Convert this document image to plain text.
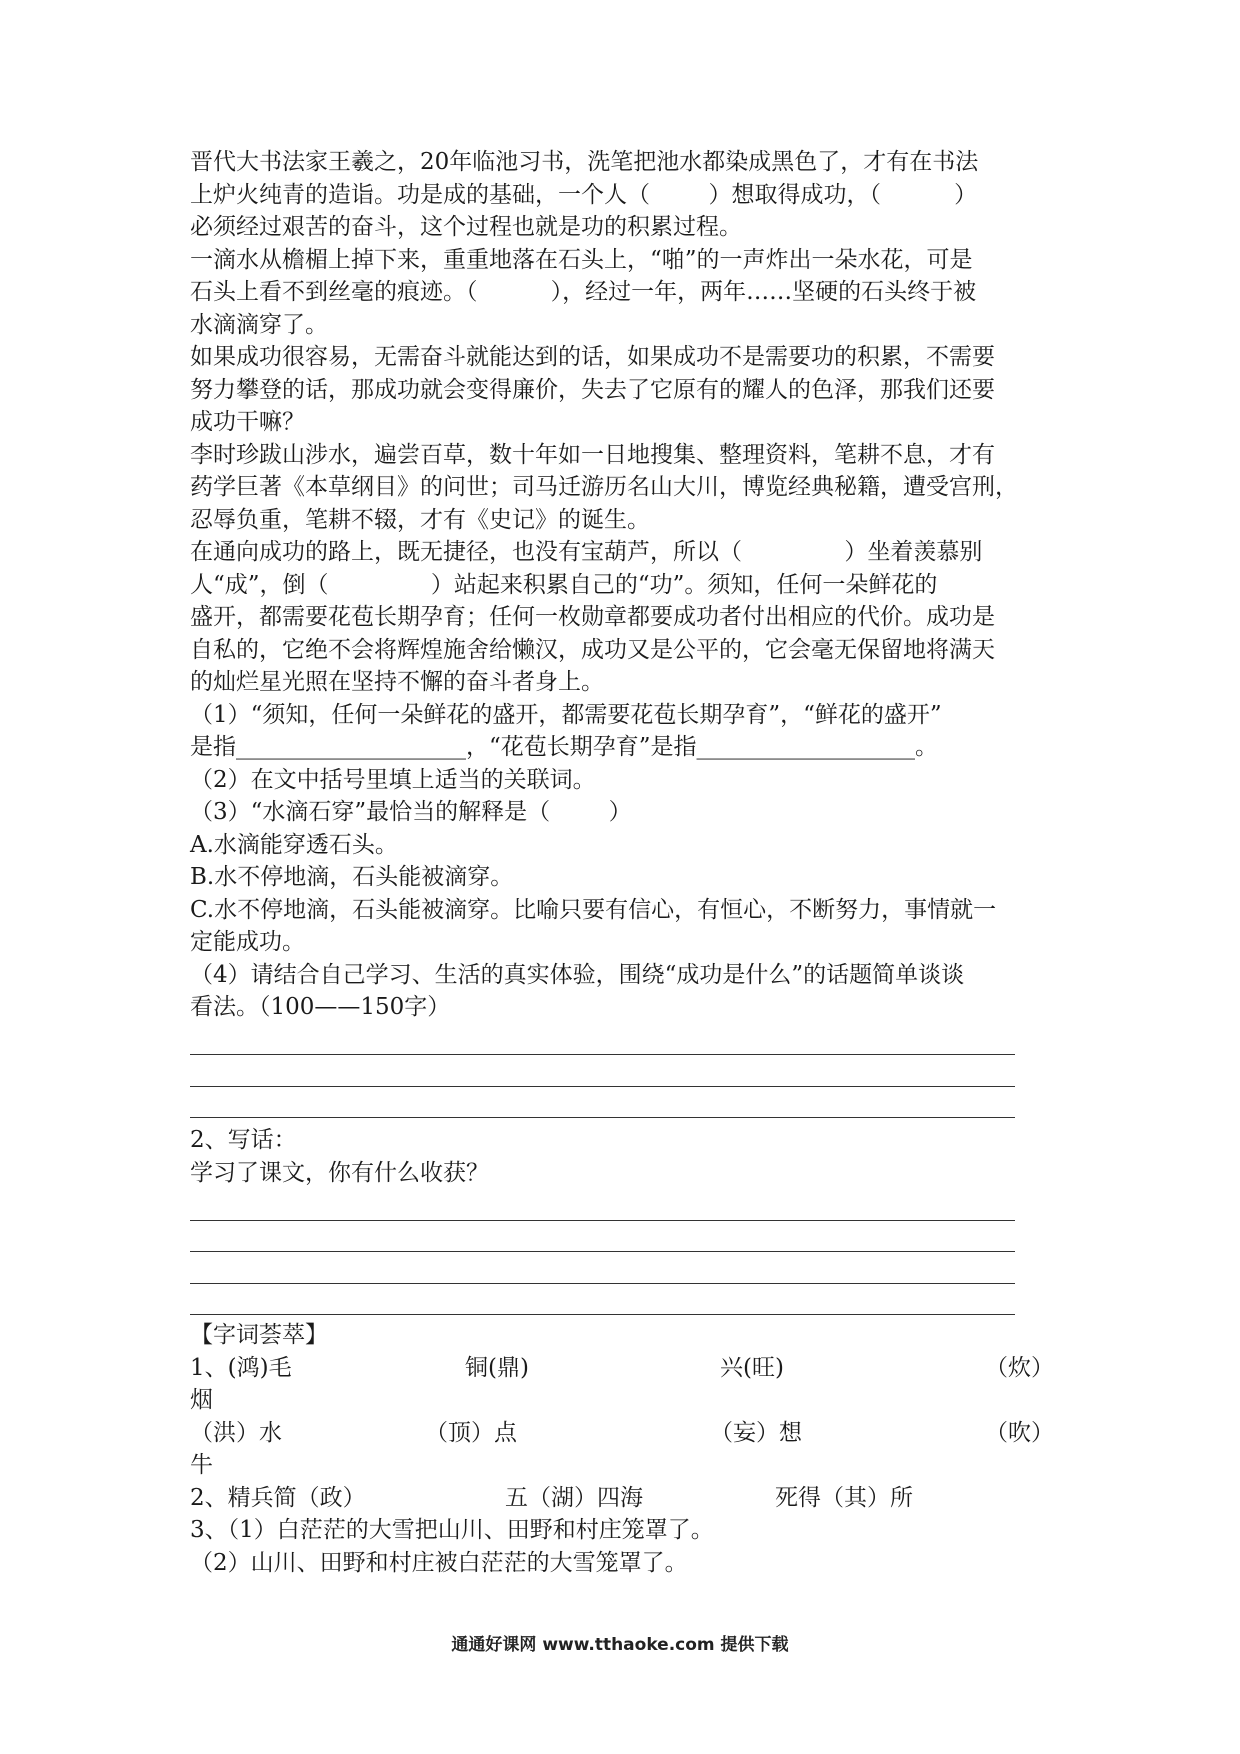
晋代大书法家王羲之，20年临池习书，洗笔把池水都染成黑色了，才有在书法
上炉火纯青的造诣。功是成的基础，一个人（        ）想取得成功，（          ）
必须经过艰苦的奋斗，这个过程也就是功的积累过程。
一滴水从檐楣上掉下来，重重地落在石头上，“啪”的一声炸出一朵水花，可是
石头上看不到丝毫的痕迹。（          ），经过一年，两年……坚硬的石头终于被
水滴滴穿了。
如果成功很容易，无需奋斗就能达到的话，如果成功不是需要功的积累，不需要
努力攀登的话，那成功就会变得廉价，失去了它原有的耀人的色泽，那我们还要
成功干嘛？
李时珍跋山涉水，遍尝百草，数十年如一日地搜集、整理资料，笔耕不息，才有
药学巨著《本草纲目》的问世；司马迁游历名山大川，博览经典秘籍，遭受宫刑，
忍辱负重，笔耕不辍，才有《史记》的诞生。
在通向成功的路上，既无捷径，也没有宝葫芦，所以（              ）坐着羡慕别
人“成”，倒（              ）站起来积累自己的“功”。须知，任何一朵鲜花的
盛开，都需要花苞长期孕育；任何一枚勋章都要成功者付出相应的代价。成功是
自私的，它绝不会将辉煌施舍给懒汉，成功又是公平的，它会毫无保留地将满天
的灿烂星光照在坚持不懈的奋斗者身上。
（1）“须知，任何一朵鲜花的盛开，都需要花苞长期孕育”，“鲜花的盛开”
是指____________________，“花苞长期孕育”是指___________________。
（2）在文中括号里填上适当的关联词。
（3）“水滴石穿”最恰当的解释是（        ）
A.水滴能穿透石头。
B.水不停地滴，石头能被滴穿。
C.水不停地滴，石头能被滴穿。比喻只要有信心，有恒心，不断努力，事情就一
定能成功。
（4）请结合自己学习、生活的真实体验，围绕“成功是什么”的话题简单谈谈
看法。（100——150字）
2、写话：
学习了课文，你有什么收获？
【字词荟萃】
1、(鸿)毛	铜(鼎)	兴(旺)	（炊）
烟
（洪）水	（顶）点	（妄）想	（吹）
牛
2、精兵简（政）	五（湖）四海	死得（其）所
3、（1）白茫茫的大雪把山川、田野和村庄笼罩了。
（2）山川、田野和村庄被白茫茫的大雪笼罩了。
通通好课网 www.tthaoke.com 提供下载
